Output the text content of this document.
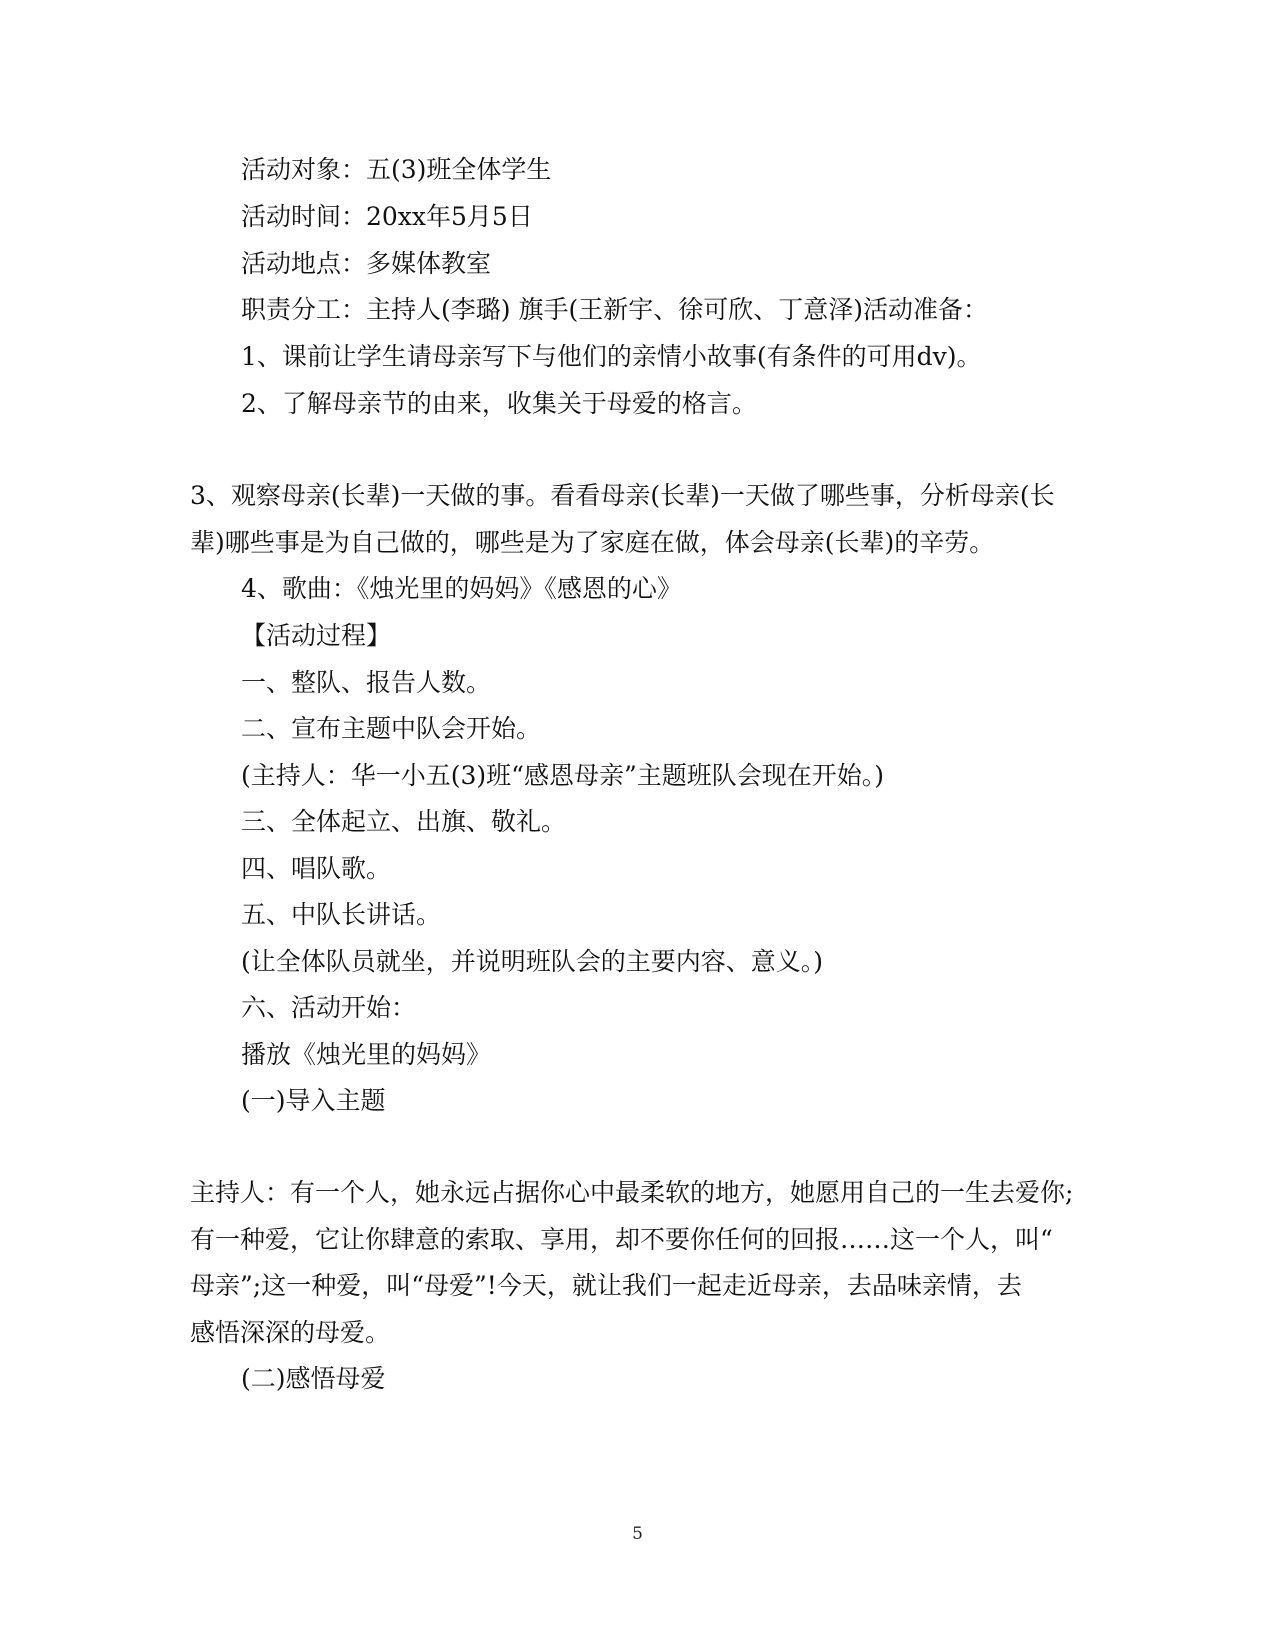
活动对象：五(3)班全体学生
活动时间：20xx年5月5日
活动地点：多媒体教室
职责分工：主持人(李璐) 旗手(王新宇、徐可欣、丁意泽)活动准备：
1、课前让学生请母亲写下与他们的亲情小故事(有条件的可用dv)。
2、了解母亲节的由来，收集关于母爱的格言。
3、观察母亲(长辈)一天做的事。看看母亲(长辈)一天做了哪些事，分析母亲(长
辈)哪些事是为自己做的，哪些是为了家庭在做，体会母亲(长辈)的辛劳。
4、歌曲：《烛光里的妈妈》《感恩的心》
【活动过程】
一、整队、报告人数。
二、宣布主题中队会开始。
(主持人：华一小五(3)班“感恩母亲”主题班队会现在开始。)
三、全体起立、出旗、敬礼。
四、唱队歌。
五、中队长讲话。
(让全体队员就坐，并说明班队会的主要内容、意义。)
六、活动开始：
播放《烛光里的妈妈》
(一)导入主题
主持人：有一个人，她永远占据你心中最柔软的地方，她愿用自己的一生去爱你;
有一种爱，它让你肆意的索取、享用，却不要你任何的回报……这一个人，叫“
母亲”;这一种爱，叫“母爱”!今天，就让我们一起走近母亲，去品味亲情，去
感悟深深的母爱。
(二)感悟母爱
5
